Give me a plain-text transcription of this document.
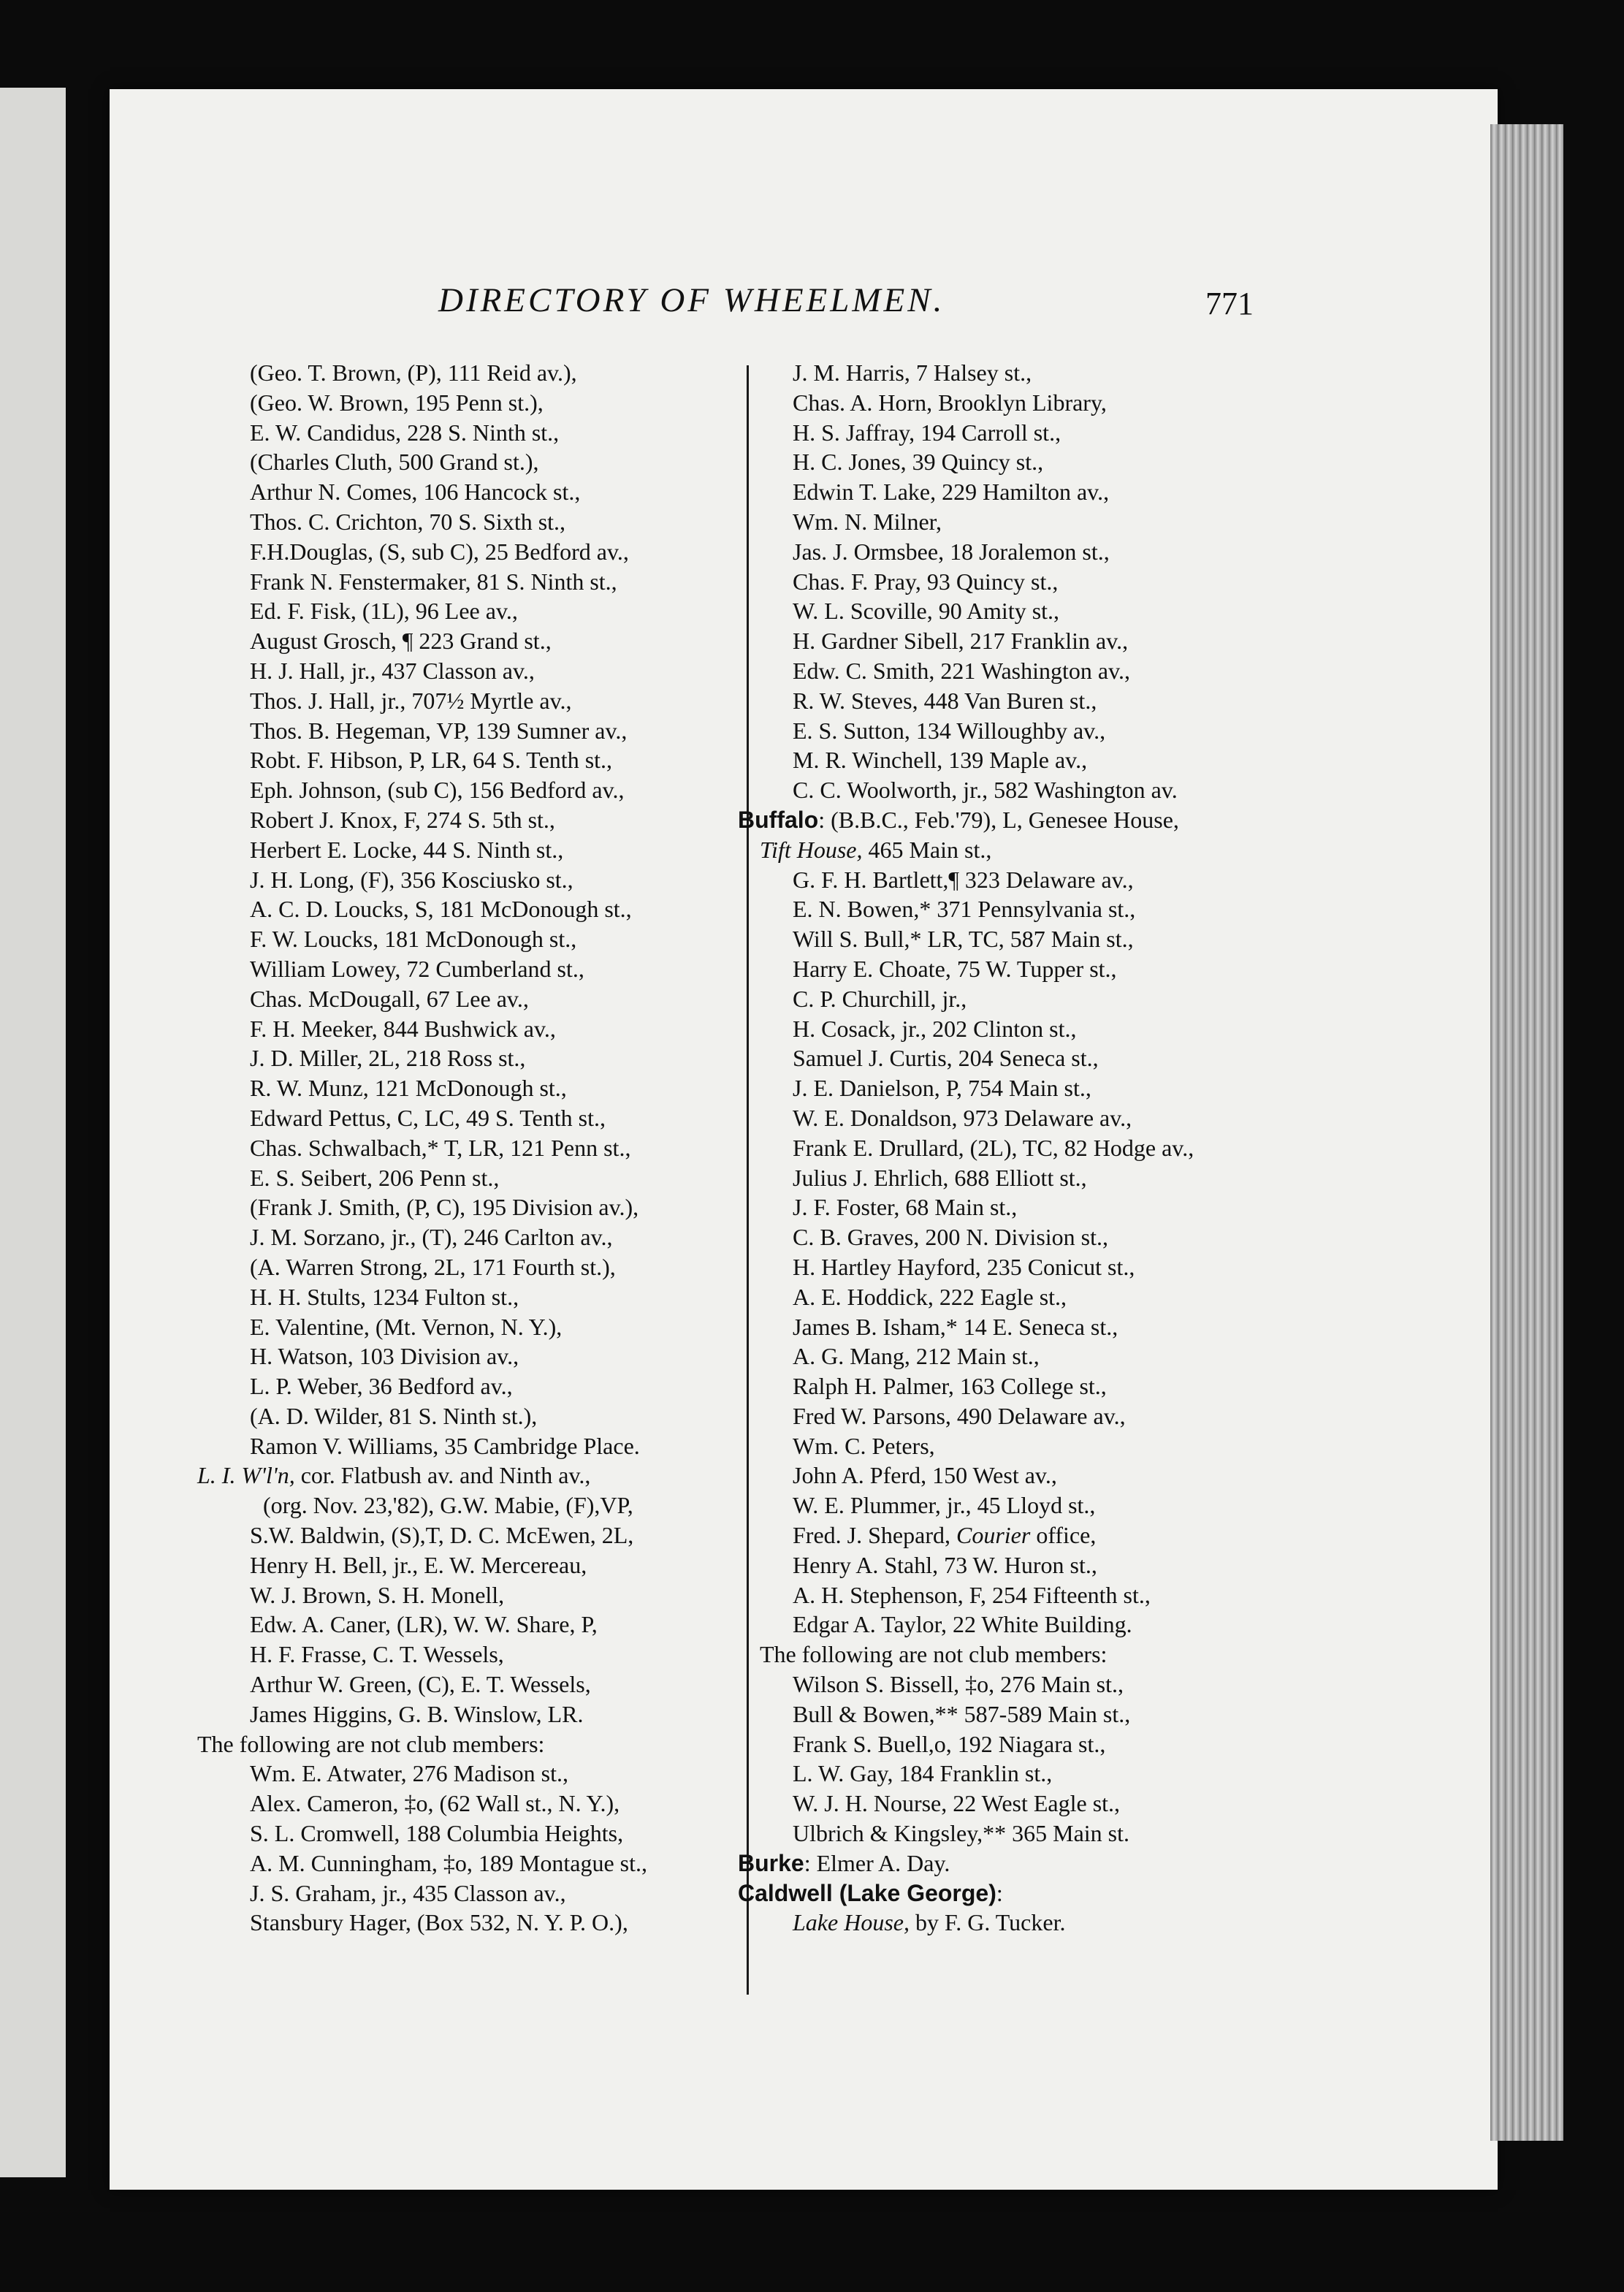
DIRECTORY OF WHEELMEN.	771
(Geo. T. Brown, (P), 111 Reid av.),
(Geo. W. Brown, 195 Penn st.),
E. W. Candidus, 228 S. Ninth st.,
(Charles Cluth, 500 Grand st.),
Arthur N. Comes, 106 Hancock st.,
Thos. C. Crichton, 70 S. Sixth st.,
F.H.Douglas, (S, sub C), 25 Bedford av.,
Frank N. Fenstermaker, 81 S. Ninth st.,
Ed. F. Fisk, (1L), 96 Lee av.,
August Grosch, ¶ 223 Grand st.,
H. J. Hall, jr., 437 Classon av.,
Thos. J. Hall, jr., 707½ Myrtle av.,
Thos. B. Hegeman, VP, 139 Sumner av.,
Robt. F. Hibson, P, LR, 64 S. Tenth st.,
Eph. Johnson, (sub C), 156 Bedford av.,
Robert J. Knox, F, 274 S. 5th st.,
Herbert E. Locke, 44 S. Ninth st.,
J. H. Long, (F), 356 Kosciusko st.,
A. C. D. Loucks, S, 181 McDonough st.,
F. W. Loucks, 181 McDonough st.,
William Lowey, 72 Cumberland st.,
Chas. McDougall, 67 Lee av.,
F. H. Meeker, 844 Bushwick av.,
J. D. Miller, 2L, 218 Ross st.,
R. W. Munz, 121 McDonough st.,
Edward Pettus, C, LC, 49 S. Tenth st.,
Chas. Schwalbach,* T, LR, 121 Penn st.,
E. S. Seibert, 206 Penn st.,
(Frank J. Smith, (P, C), 195 Division av.),
J. M. Sorzano, jr., (T), 246 Carlton av.,
(A. Warren Strong, 2L, 171 Fourth st.),
H. H. Stults, 1234 Fulton st.,
E. Valentine, (Mt. Vernon, N. Y.),
H. Watson, 103 Division av.,
L. P. Weber, 36 Bedford av.,
(A. D. Wilder, 81 S. Ninth st.),
Ramon V. Williams, 35 Cambridge Place.
L. I. W'l'n, cor. Flatbush av. and Ninth av.,
(org. Nov. 23,'82), G.W. Mabie, (F),VP,
S.W. Baldwin, (S),T, D. C. McEwen, 2L,
Henry H. Bell, jr., E. W. Mercereau,
W. J. Brown, S. H. Monell,
Edw. A. Caner, (LR), W. W. Share, P,
H. F. Frasse, C. T. Wessels,
Arthur W. Green, (C), E. T. Wessels,
James Higgins, G. B. Winslow, LR.
The following are not club members:
Wm. E. Atwater, 276 Madison st.,
Alex. Cameron, ‡o, (62 Wall st., N. Y.),
S. L. Cromwell, 188 Columbia Heights,
A. M. Cunningham, ‡o, 189 Montague st.,
J. S. Graham, jr., 435 Classon av.,
Stansbury Hager, (Box 532, N. Y. P. O.),
J. M. Harris, 7 Halsey st.,
Chas. A. Horn, Brooklyn Library,
H. S. Jaffray, 194 Carroll st.,
H. C. Jones, 39 Quincy st.,
Edwin T. Lake, 229 Hamilton av.,
Wm. N. Milner,
Jas. J. Ormsbee, 18 Joralemon st.,
Chas. F. Pray, 93 Quincy st.,
W. L. Scoville, 90 Amity st.,
H. Gardner Sibell, 217 Franklin av.,
Edw. C. Smith, 221 Washington av.,
R. W. Steves, 448 Van Buren st.,
E. S. Sutton, 134 Willoughby av.,
M. R. Winchell, 139 Maple av.,
C. C. Woolworth, jr., 582 Washington av.
Buffalo: (B.B.C., Feb.'79), L, Genesee House,
Tift House, 465 Main st.,
G. F. H. Bartlett,¶ 323 Delaware av.,
E. N. Bowen,* 371 Pennsylvania st.,
Will S. Bull,* LR, TC, 587 Main st.,
Harry E. Choate, 75 W. Tupper st.,
C. P. Churchill, jr.,
H. Cosack, jr., 202 Clinton st.,
Samuel J. Curtis, 204 Seneca st.,
J. E. Danielson, P, 754 Main st.,
W. E. Donaldson, 973 Delaware av.,
Frank E. Drullard, (2L), TC, 82 Hodge av.,
Julius J. Ehrlich, 688 Elliott st.,
J. F. Foster, 68 Main st.,
C. B. Graves, 200 N. Division st.,
H. Hartley Hayford, 235 Conicut st.,
A. E. Hoddick, 222 Eagle st.,
James B. Isham,* 14 E. Seneca st.,
A. G. Mang, 212 Main st.,
Ralph H. Palmer, 163 College st.,
Fred W. Parsons, 490 Delaware av.,
Wm. C. Peters,
John A. Pferd, 150 West av.,
W. E. Plummer, jr., 45 Lloyd st.,
Fred. J. Shepard, Courier office,
Henry A. Stahl, 73 W. Huron st.,
A. H. Stephenson, F, 254 Fifteenth st.,
Edgar A. Taylor, 22 White Building.
The following are not club members:
Wilson S. Bissell, ‡o, 276 Main st.,
Bull & Bowen,** 587-589 Main st.,
Frank S. Buell,o, 192 Niagara st.,
L. W. Gay, 184 Franklin st.,
W. J. H. Nourse, 22 West Eagle st.,
Ulbrich & Kingsley,** 365 Main st.
Burke: Elmer A. Day.
Caldwell (Lake George):
Lake House, by F. G. Tucker.
